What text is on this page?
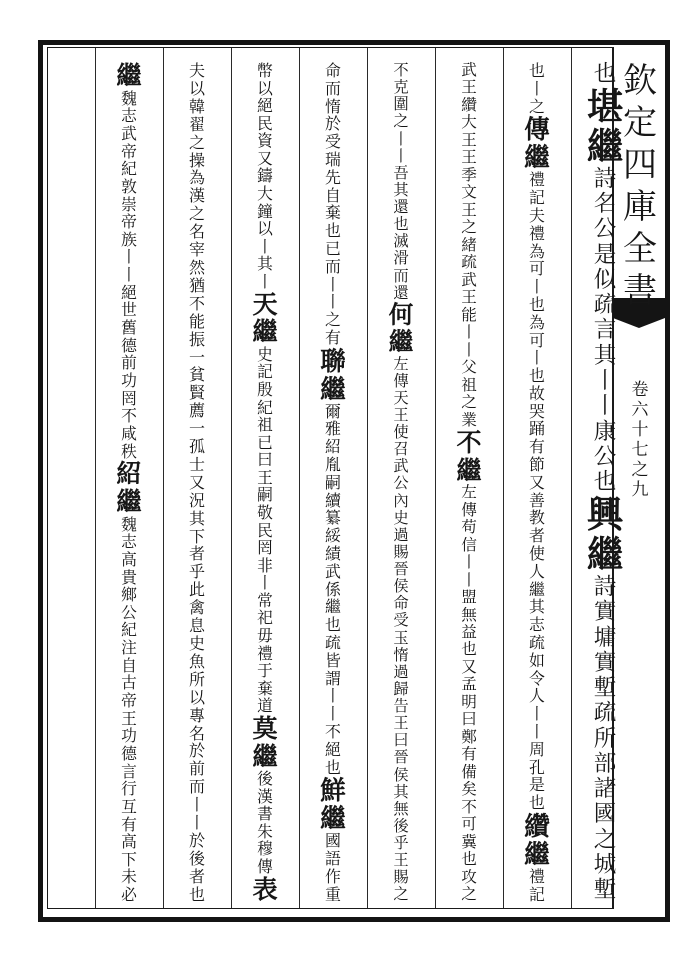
欽
定
四
庫
全
書
卷
六
十
七
之
九
也
堪
繼
詩
名
公
是
似
疏
言
其
丨
丨
康
公
也
興
繼
詩
實
墉
實
塹
疏
所
部
諸
國
之
城
塹
也
丨
之
傳
繼
禮
記
夫
禮
為
可
丨
也
為
可
丨
也
故
哭
踊
有
節
又
善
教
者
使
人
繼
其
志
疏
如
令
人
丨
丨
周
孔
是
也
纘
繼
禮
記
武
王
纘
大
王
王
季
文
王
之
緒
疏
武
王
能
丨
丨
父
祖
之
業
不
繼
左
傳
苟
信
丨
丨
盟
無
益
也
又
孟
明
曰
鄭
有
備
矣
不
可
冀
也
攻
之
不
克
圍
之
丨
丨
吾
其
還
也
滅
滑
而
還
何
繼
左
傳
天
王
使
召
武
公
內
史
過
賜
晉
侯
命
受
玉
惰
過
歸
告
王
曰
晉
侯
其
無
後
乎
王
賜
之
命
而
惰
於
受
瑞
先
自
棄
也
已
而
丨
丨
之
有
聯
繼
爾
雅
紹
胤
嗣
續
纂
綏
績
武
係
繼
也
疏
皆
謂
丨
丨
不
絕
也
鮮
繼
國
語
作
重
幣
以
絕
民
資
又
鑄
大
鐘
以
丨
其
丨
天
繼
史
記
殷
紀
祖
已
曰
王
嗣
敬
民
罔
非
丨
常
祀
毋
禮
于
棄
道
莫
繼
後
漢
書
朱
穆
傳
表
夫
以
韓
翟
之
操
為
漢
之
名
宰
然
猶
不
能
振
一
貧
賢
薦
一
孤
士
又
況
其
下
者
乎
此
禽
息
史
魚
所
以
專
名
於
前
而
丨
丨
於
後
者
也
繼
魏
志
武
帝
紀
敦
崇
帝
族
丨
丨
絕
世
舊
德
前
功
罔
不
咸
秩
紹
繼
魏
志
高
貴
鄉
公
紀
注
自
古
帝
王
功
德
言
行
互
有
高
下
未
必
